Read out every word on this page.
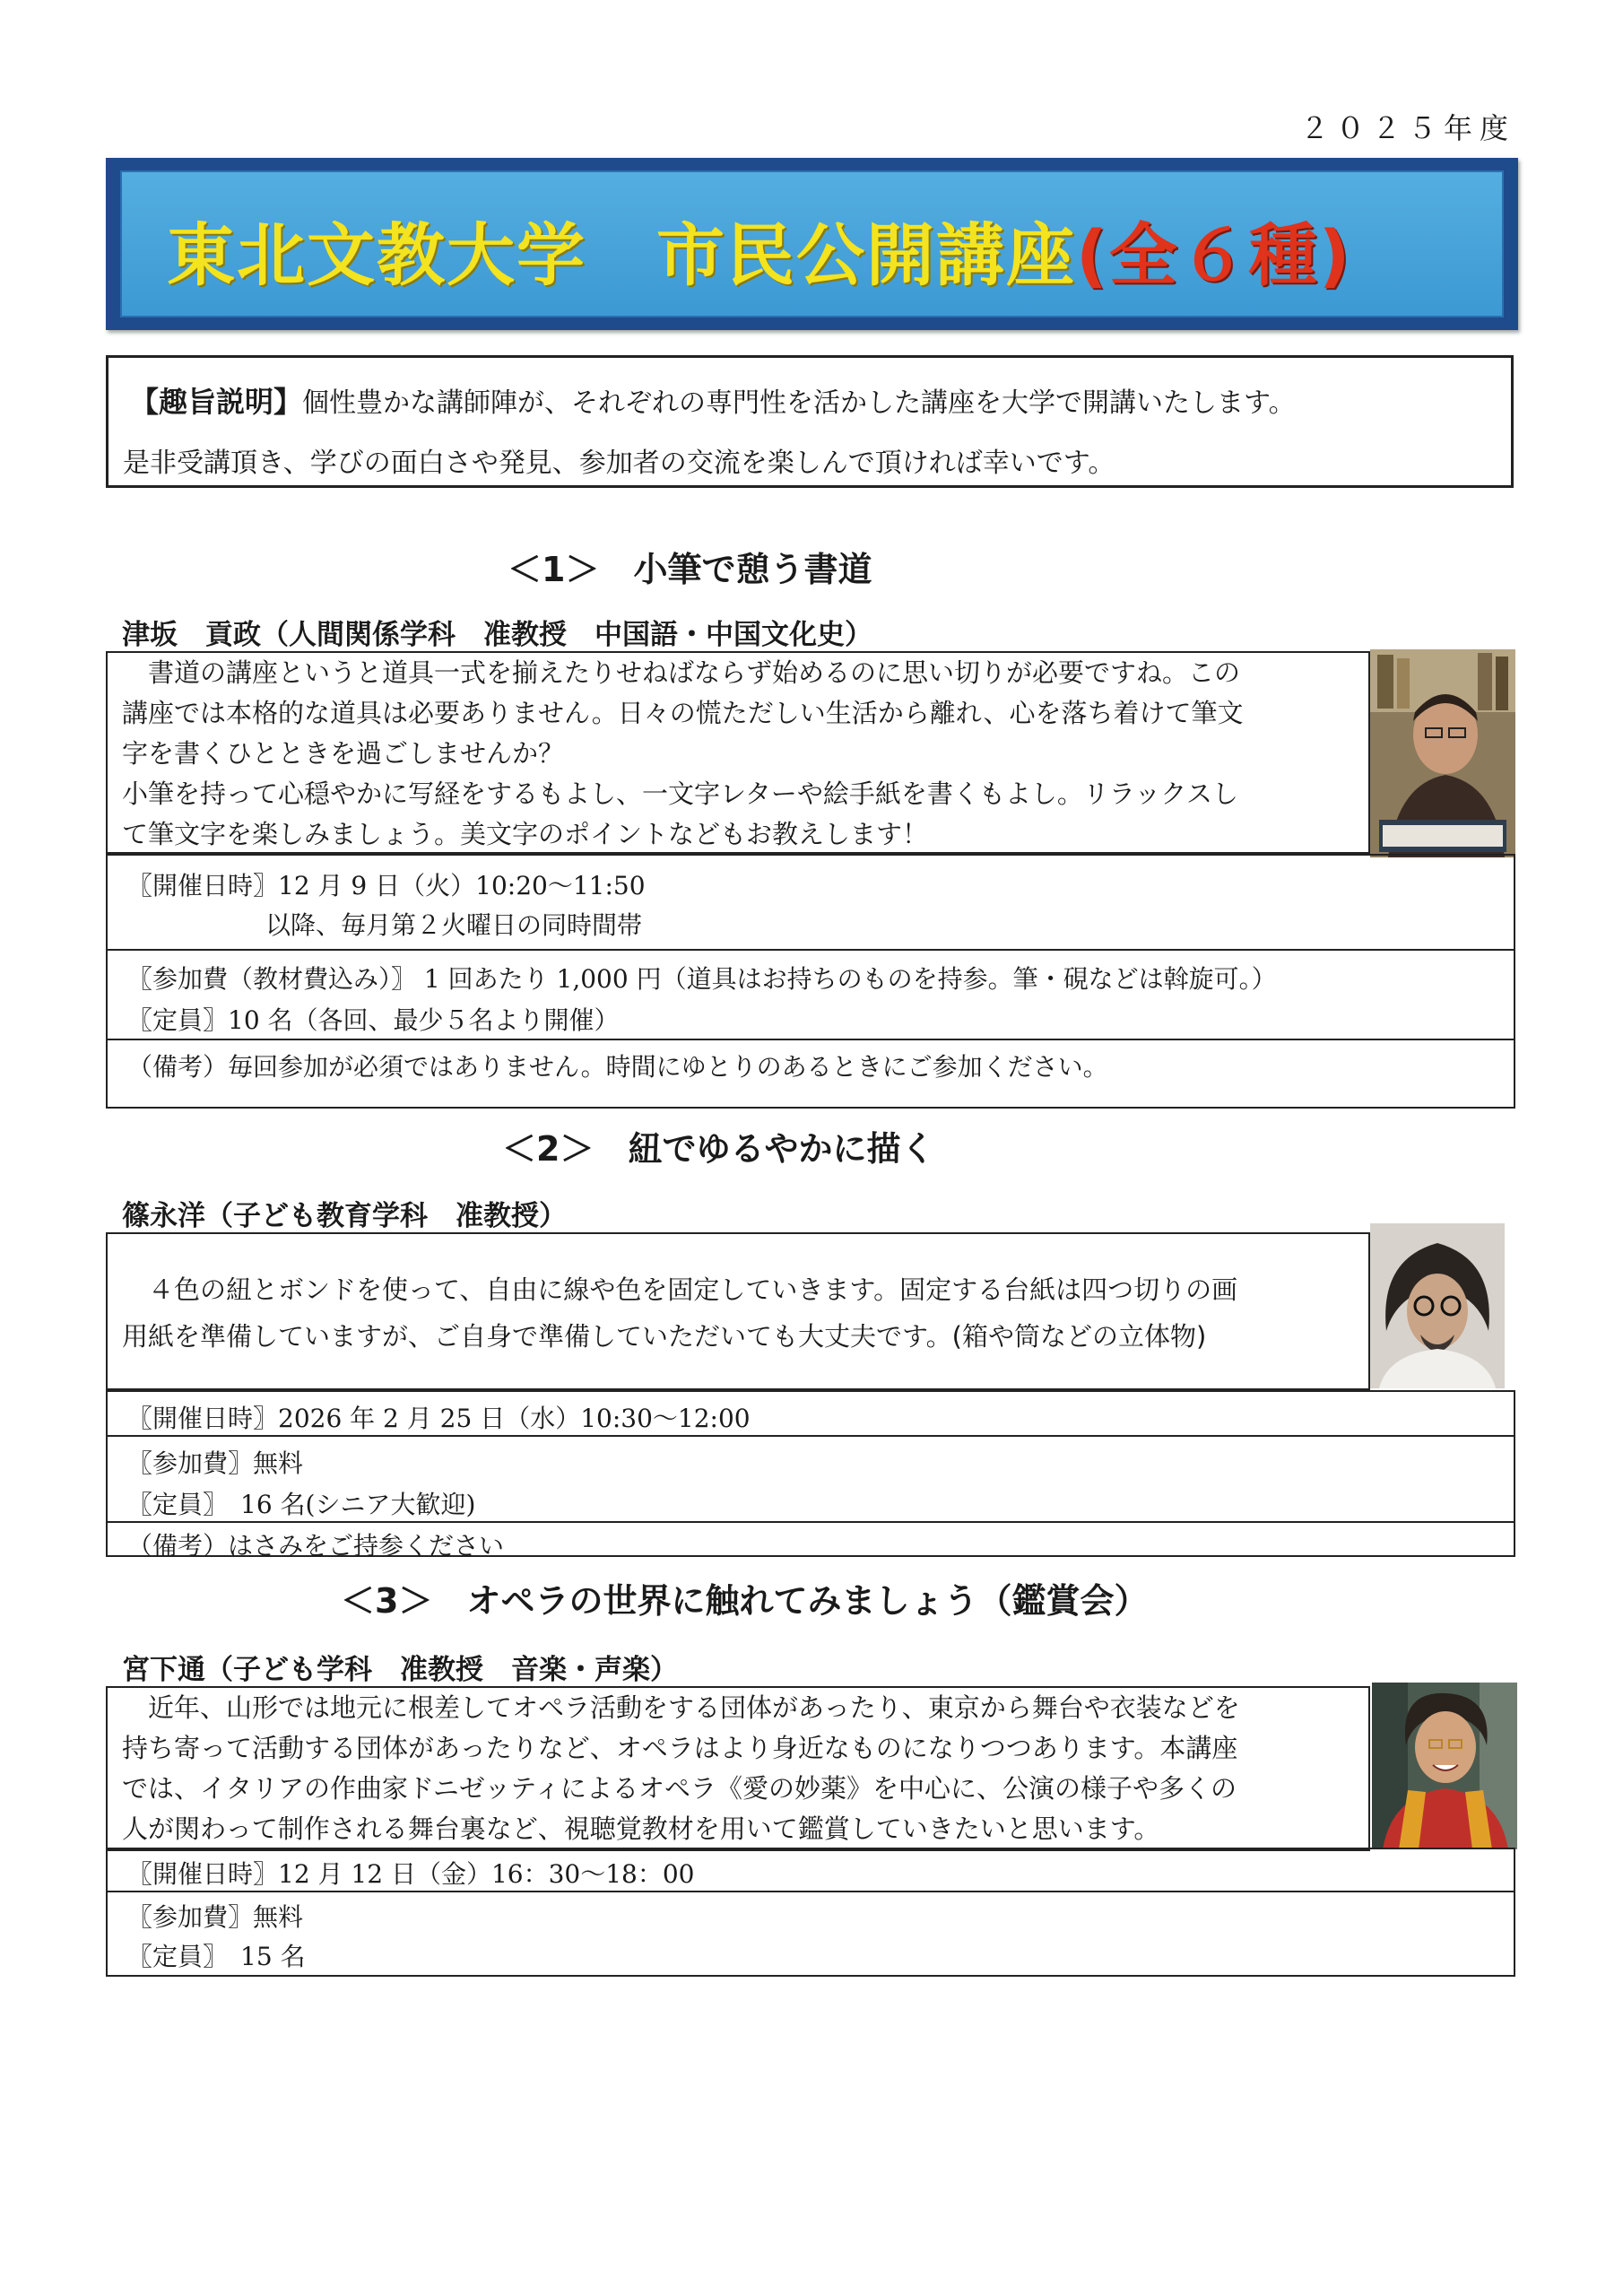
２０２５年度
東北文教大学　市民公開講座(全６種)
【趣旨説明】個性豊かな講師陣が、それぞれの専門性を活かした講座を大学で開講いたします。
是非受講頂き、学びの面白さや発見、参加者の交流を楽しんで頂ければ幸いです。
＜1＞　小筆で憩う書道
津坂　貢政（人間関係学科　准教授　中国語・中国文化史）
　書道の講座というと道具一式を揃えたりせねばならず始めるのに思い切りが必要ですね。この
講座では本格的な道具は必要ありません。日々の慌ただしい生活から離れ、心を落ち着けて筆文
字を書くひとときを過ごしませんか？
小筆を持って心穏やかに写経をするもよし、一文字レターや絵手紙を書くもよし。リラックスし
て筆文字を楽しみましょう。美文字のポイントなどもお教えします！
〖開催日時〗12 月 9 日（火）10:20〜11:50
以降、毎月第２火曜日の同時間帯
〖参加費（教材費込み）〗 1 回あたり 1,000 円（道具はお持ちのものを持参。筆・硯などは斡旋可。）
〖定員〗10 名（各回、最少５名より開催）
（備考）毎回参加が必須ではありません。時間にゆとりのあるときにご参加ください。
＜2＞　紐でゆるやかに描く
篠永洋（子ども教育学科　准教授）
　４色の紐とボンドを使って、自由に線や色を固定していきます。固定する台紙は四つ切りの画
用紙を準備していますが、ご自身で準備していただいても大丈夫です。(箱や筒などの立体物)
〖開催日時〗2026 年 2 月 25 日（水）10:30〜12:00
〖参加費〗無料
〖定員〗　16 名(シニア大歓迎)
（備考）はさみをご持参ください
＜3＞　オペラの世界に触れてみましょう（鑑賞会）
宮下通（子ども学科　准教授　音楽・声楽）
　近年、山形では地元に根差してオペラ活動をする団体があったり、東京から舞台や衣装などを
持ち寄って活動する団体があったりなど、オペラはより身近なものになりつつあります。本講座
では、イタリアの作曲家ドニゼッティによるオペラ《愛の妙薬》を中心に、公演の様子や多くの
人が関わって制作される舞台裏など、視聴覚教材を用いて鑑賞していきたいと思います。
〖開催日時〗12 月 12 日（金）16：30〜18：00
〖参加費〗無料
〖定員〗　15 名
